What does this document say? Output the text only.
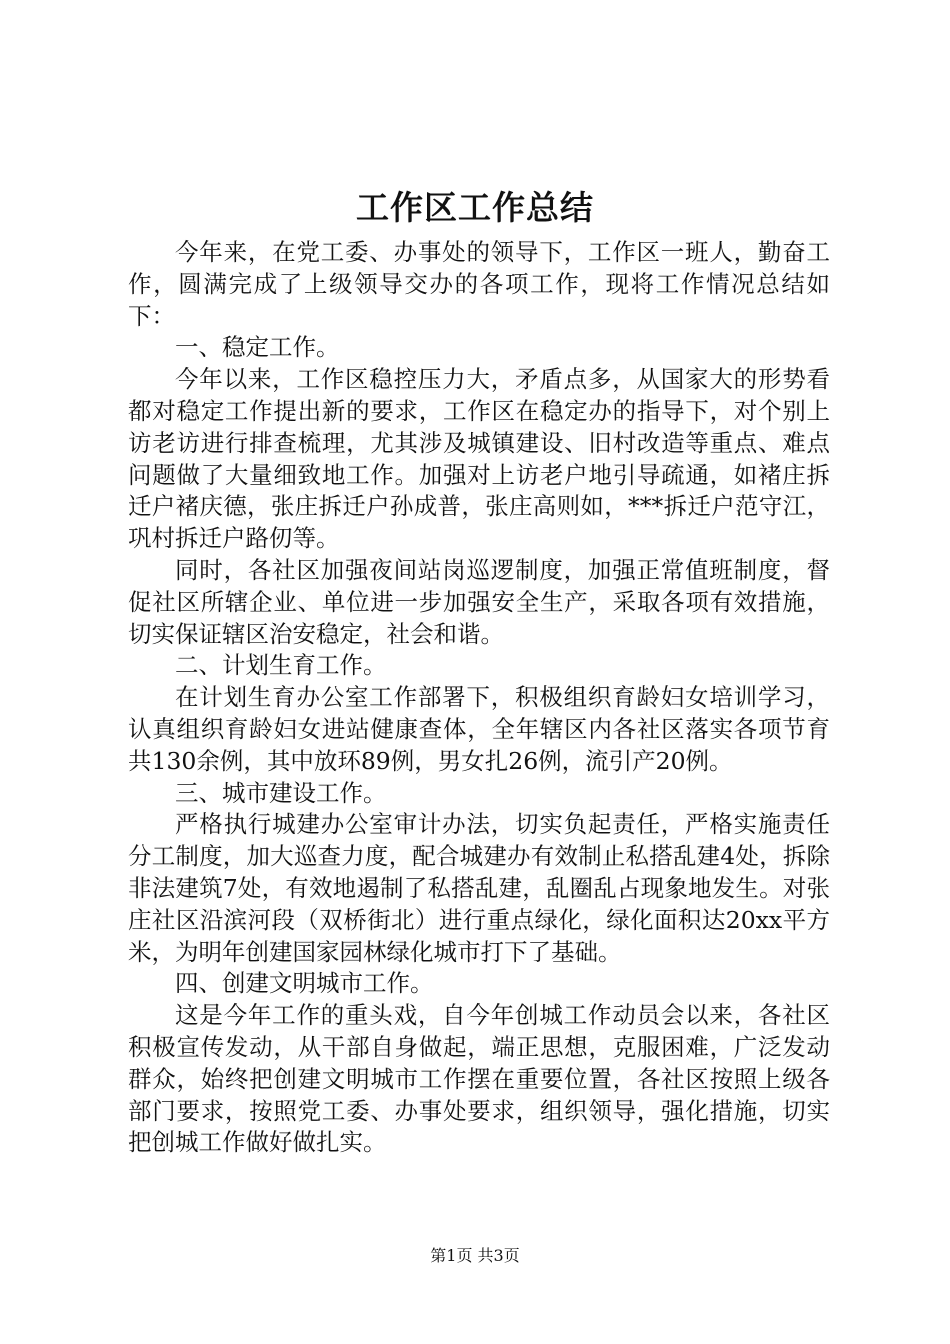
工作区工作总结

今年来，在党工委、办事处的领导下，工作区一班人，勤奋工作，圆满完成了上级领导交办的各项工作，现将工作情况总结如下：

一、稳定工作。

今年以来，工作区稳控压力大，矛盾点多，从国家大的形势看都对稳定工作提出新的要求，工作区在稳定办的指导下，对个别上访老访进行排查梳理，尤其涉及城镇建设、旧村改造等重点、难点问题做了大量细致地工作。加强对上访老户地引导疏通，如褚庄拆迁户褚庆德，张庄拆迁户孙成普，张庄高则如，***拆迁户范守江，巩村拆迁户路仞等。

同时，各社区加强夜间站岗巡逻制度，加强正常值班制度，督促社区所辖企业、单位进一步加强安全生产，采取各项有效措施，切实保证辖区治安稳定，社会和谐。

二、计划生育工作。

在计划生育办公室工作部署下，积极组织育龄妇女培训学习，认真组织育龄妇女进站健康查体，全年辖区内各社区落实各项节育共130余例，其中放环89例，男女扎26例，流引产20例。

三、城市建设工作。

严格执行城建办公室审计办法，切实负起责任，严格实施责任分工制度，加大巡查力度，配合城建办有效制止私搭乱建4处，拆除非法建筑7处，有效地遏制了私搭乱建，乱圈乱占现象地发生。对张庄社区沿滨河段（双桥街北）进行重点绿化，绿化面积达20xx平方米，为明年创建国家园林绿化城市打下了基础。

四、创建文明城市工作。

这是今年工作的重头戏，自今年创城工作动员会以来，各社区积极宣传发动，从干部自身做起，端正思想，克服困难，广泛发动群众，始终把创建文明城市工作摆在重要位置，各社区按照上级各部门要求，按照党工委、办事处要求，组织领导，强化措施，切实把创城工作做好做扎实。

第1页 共3页
